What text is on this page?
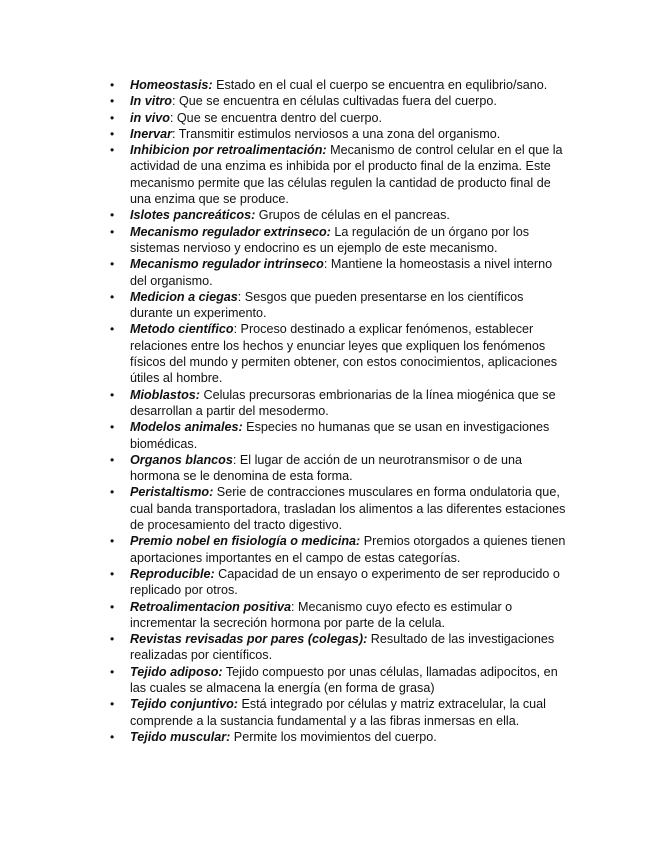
• Homeostasis: Estado en el cual el cuerpo se encuentra en equlibrio/sano.
• In vitro: Que se encuentra en células cultivadas fuera del cuerpo.
• in vivo: Que se encuentra dentro del cuerpo.
• Inervar: Transmitir estimulos nerviosos a una zona del organismo.
• Inhibicion por retroalimentación: Mecanismo de control celular en el que la actividad de una enzima es inhibida por el producto final de la enzima. Este mecanismo permite que las células regulen la cantidad de producto final de una enzima que se produce.
• Islotes pancreáticos: Grupos de células en el pancreas.
• Mecanismo regulador extrinseco: La regulación de un órgano por los sistemas nervioso y endocrino es un ejemplo de este mecanismo.
• Mecanismo regulador intrinseco: Mantiene la homeostasis a nivel interno del organismo.
• Medicion a ciegas: Sesgos que pueden presentarse en los científicos durante un experimento.
• Metodo científico: Proceso destinado a explicar fenómenos, establecer relaciones entre los hechos y enunciar leyes que expliquen los fenómenos físicos del mundo y permiten obtener, con estos conocimientos, aplicaciones útiles al hombre.
• Mioblastos: Celulas precursoras embrionarias de la línea miogénica que se desarrollan a partir del mesodermo.
• Modelos animales: Especies no humanas que se usan en investigaciones biomédicas.
• Organos blancos: El lugar de acción de un neurotransmisor o de una hormona se le denomina de esta forma.
• Peristaltismo: Serie de contracciones musculares en forma ondulatoria que, cual banda transportadora, trasladan los alimentos a las diferentes estaciones de procesamiento del tracto digestivo.
• Premio nobel en fisiología o medicina: Premios otorgados a quienes tienen aportaciones importantes en el campo de estas categorías.
• Reproducible: Capacidad de un ensayo o experimento de ser reproducido o replicado por otros.
• Retroalimentacion positiva: Mecanismo cuyo efecto es estimular o incrementar la secreción hormona por parte de la celula.
• Revistas revisadas por pares (colegas): Resultado de las investigaciones realizadas por científicos.
• Tejido adiposo: Tejido compuesto por unas células, llamadas adipocitos, en las cuales se almacena la energía (en forma de grasa)
• Tejido conjuntivo: Está integrado por células y matriz extracelular, la cual comprende a la sustancia fundamental y a las fibras inmersas en ella.
• Tejido muscular: Permite los movimientos del cuerpo.
